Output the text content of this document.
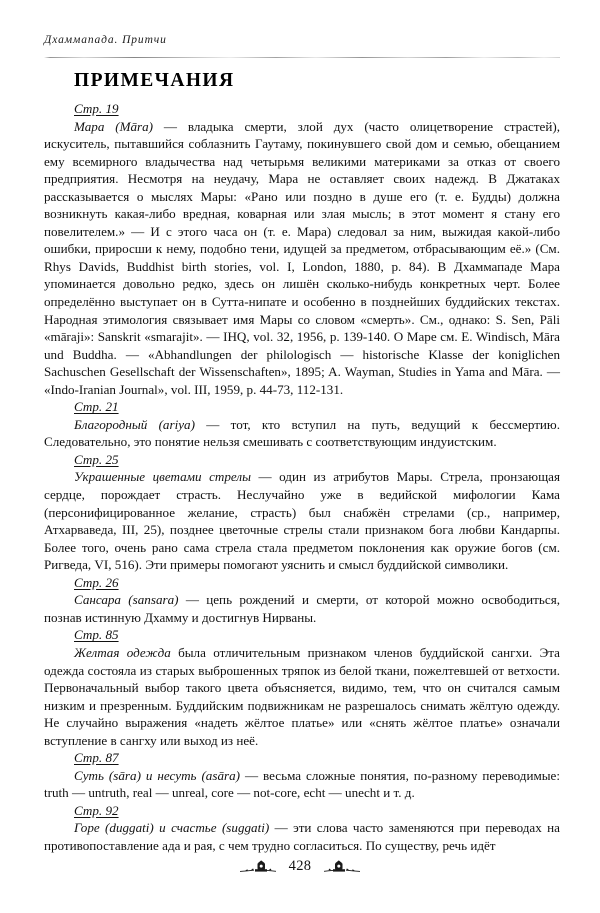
Дхаммапада. Притчи
ПРИМЕЧАНИЯ

Стр. 19

Мара (Māra) — владыка смерти, злой дух (часто олицетворение страстей), искуситель, пытавшийся соблазнить Гаутаму, покинувшего свой дом и семью, обещанием ему всемирного владычества над четырьмя великими материками за отказ от своего предприятия. Несмотря на неудачу, Мара не оставляет своих надежд. В Джатаках рассказывается о мыслях Мары: «Рано или поздно в душе его (т. е. Будды) должна возникнуть какая-либо вредная, коварная или злая мысль; в этот момент я стану его повелителем.» — И с этого часа он (т. е. Мара) следовал за ним, выжидая какой-либо ошибки, приросши к нему, подобно тени, идущей за предметом, отбрасывающим её.» (См. Rhys Davids, Buddhist birth stories, vol. I, London, 1880, p. 84). В Дхаммападе Мара упоминается довольно редко, здесь он лишён сколько-нибудь конкретных черт. Более определённо выступает он в Сутта-нипате и особенно в позднейших буддийских текстах. Народная этимология связывает имя Мары со словом «смерть». См., однако: S. Sen, Pāli «māraji»: Sanskrit «smarajit». — IHQ, vol. 32, 1956, p. 139-140. О Маре см. E. Windisch, Māra und Buddha. — «Abhandlungen der philologisch — historische Klasse der koniglichen Sachuschen Gesellschaft der Wissenschaften», 1895; A. Wayman, Studies in Yama and Māra. — «Indo-Iranian Journal», vol. III, 1959, p. 44-73, 112-131.

Стр. 21

Благородный (ariya) — тот, кто вступил на путь, ведущий к бессмертию. Следовательно, это понятие нельзя смешивать с соответствующим индуистским.

Стр. 25

Украшенные цветами стрелы — один из атрибутов Мары. Стрела, пронзающая сердце, порождает страсть. Неслучайно уже в ведийской мифологии Кама (персонифицированное желание, страсть) был снабжён стрелами (ср., например, Атхарваведа, III, 25), позднее цветочные стрелы стали признаком бога любви Кандарпы. Более того, очень рано сама стрела стала предметом поклонения как оружие богов (см. Ригведа, VI, 516). Эти примеры помогают уяснить и смысл буддийской символики.

Стр. 26

Сансара (sansara) — цепь рождений и смерти, от которой можно освободиться, познав истинную Дхамму и достигнув Нирваны.

Стр. 85

Желтая одежда была отличительным признаком членов буддийской сангхи. Эта одежда состояла из старых выброшенных тряпок из белой ткани, пожелтевшей от ветхости. Первоначальный выбор такого цвета объясняется, видимо, тем, что он считался самым низким и презренным. Буддийским подвижникам не разрешалось снимать жёлтую одежду. Не случайно выражения «надеть жёлтое платье» или «снять жёлтое платье» означали вступление в сангху или выход из неё.

Стр. 87

Суть (sāra) и несуть (asāra) — весьма сложные понятия, по-разному переводимые: truth — untruth, real — unreal, core — not-core, echt — unecht и т. д.

Стр. 92

Горе (duggati) и счастье (suggati) — эти слова часто заменяются при переводах на противопоставление ада и рая, с чем трудно согласиться. По существу, речь идёт

428
